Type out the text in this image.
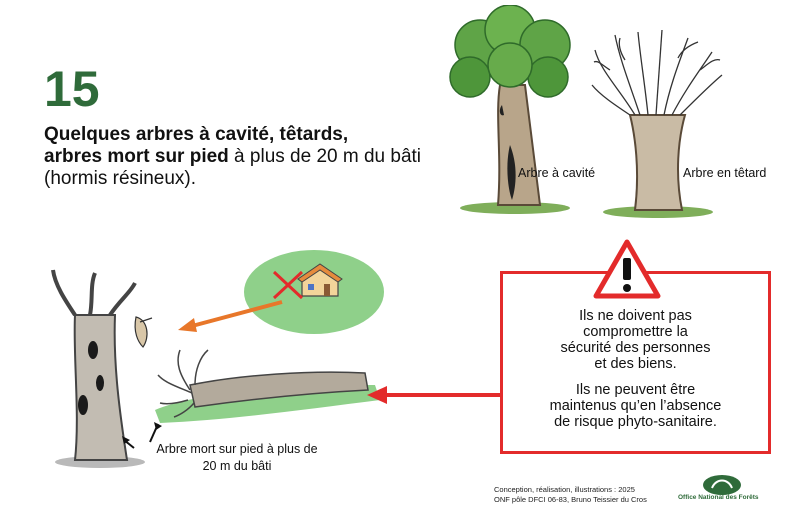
15
Quelques arbres à cavité, têtards,
arbres mort sur pied à plus de 20 m du bâti (hormis résineux).	Arbre à cavité	Arbre en têtard
Arbre mort sur pied à plus de
20 m du bâti
Ils ne doivent pas
compromettre la
sécurité des personnes
et des biens.
Ils ne peuvent être
maintenus qu’en l’absence
de risque phyto-sanitaire.
Conception, réalisation, illustrations : 2025
ONF pôle DFCI 06-83, Bruno Teissier du Cros	Office National des Forêts
